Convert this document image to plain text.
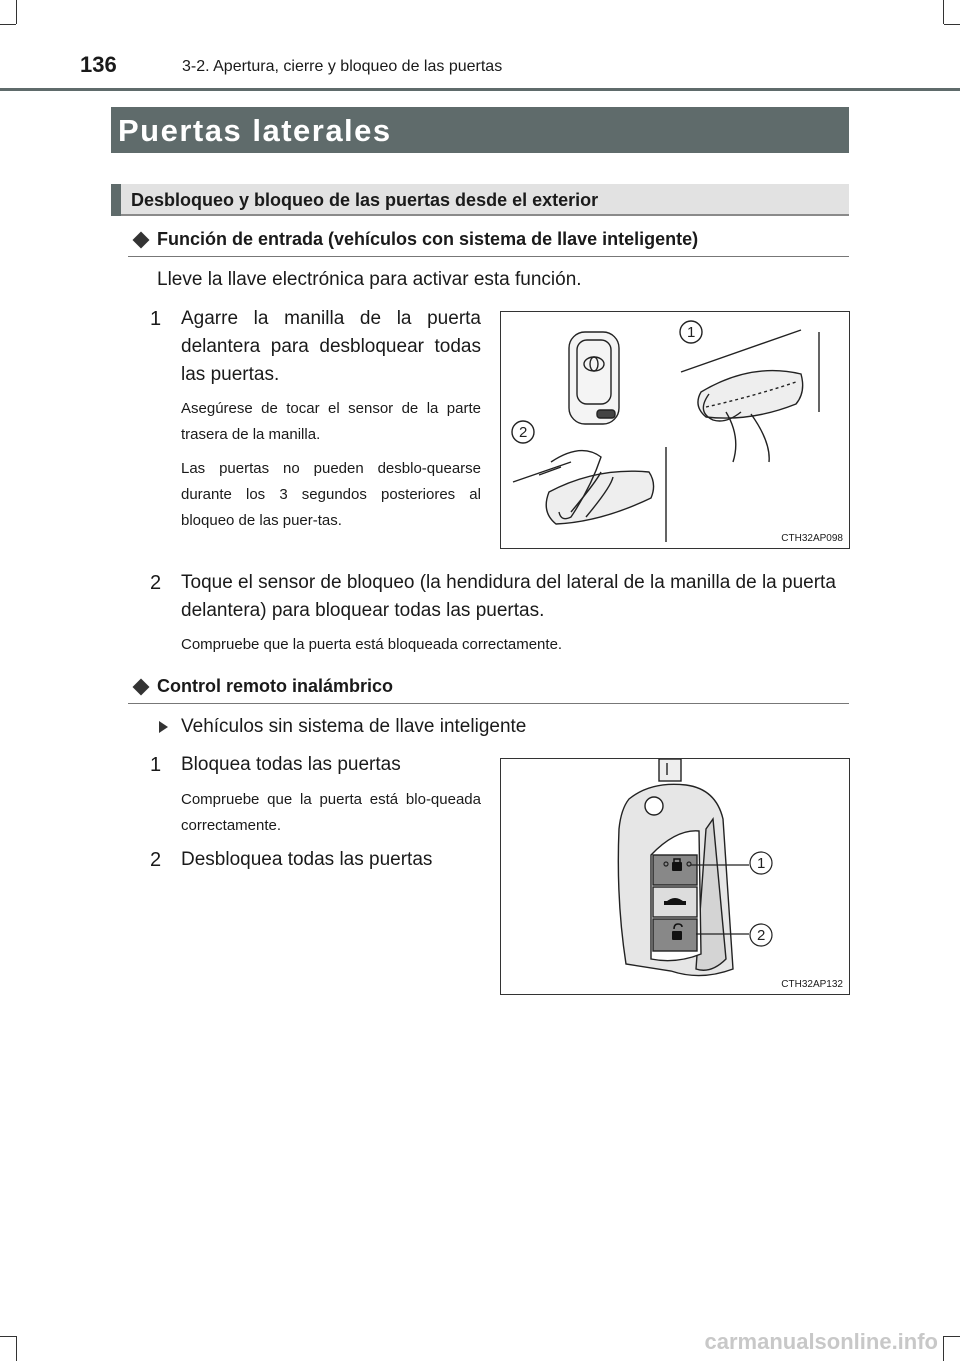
136	3-2. Apertura, cierre y bloqueo de las puertas
Puertas laterales
Desbloqueo y bloqueo de las puertas desde el exterior
Función de entrada (vehículos con sistema de llave inteligente)
Lleve la llave electrónica para activar esta función.
1 Agarre la manilla de la puerta delantera para desbloquear todas las puertas.
Asegúrese de tocar el sensor de la parte trasera de la manilla.
Las puertas no pueden desblo-quearse durante los 3 segundos posteriores al bloqueo de las puer-tas.
1
2
CTH32AP098
2 Toque el sensor de bloqueo (la hendidura del lateral de la manilla de la puerta delantera) para bloquear todas las puertas.
Compruebe que la puerta está bloqueada correctamente.
Control remoto inalámbrico
Vehículos sin sistema de llave inteligente
1 Bloquea todas las puertas
Compruebe que la puerta está blo-queada correctamente.
2 Desbloquea todas las puertas	1
2
CTH32AP132
carmanualsonline.info
